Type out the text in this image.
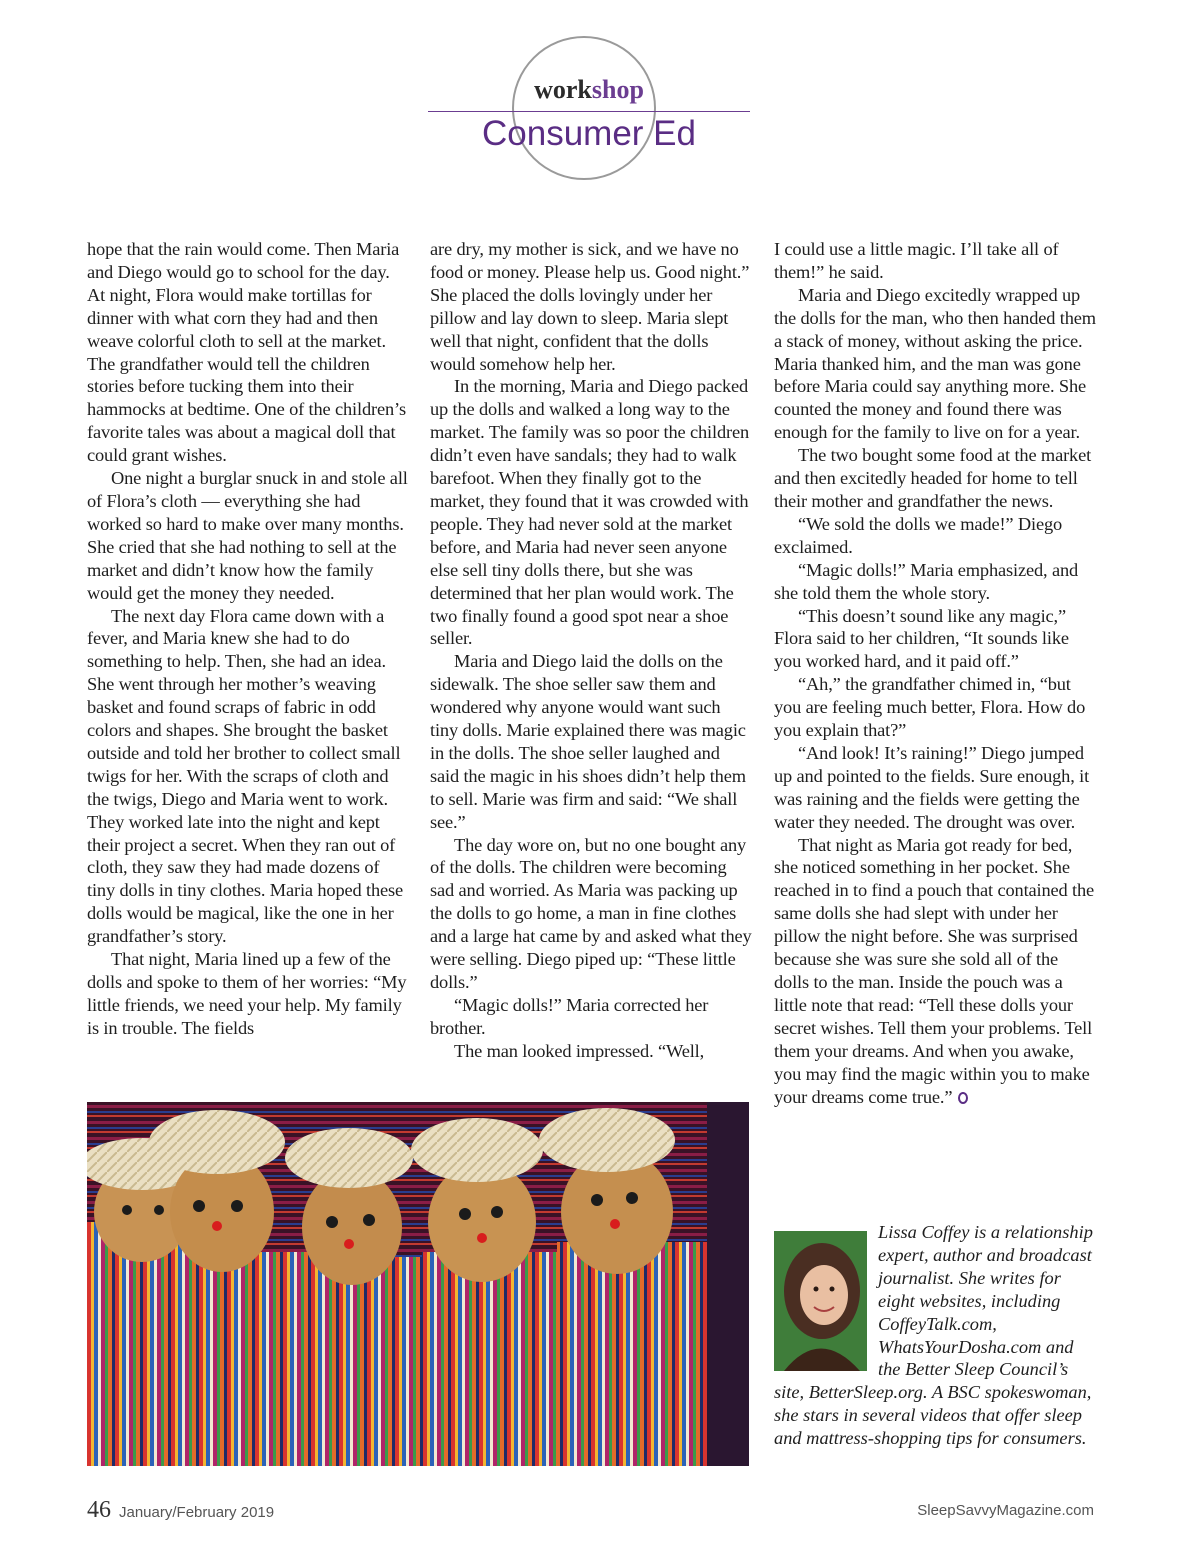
workshop
Consumer Ed

hope that the rain would come. Then Maria and Diego would go to school for the day. At night, Flora would make tortillas for dinner with what corn they had and then weave colorful cloth to sell at the market. The grandfather would tell the children stories before tucking them into their hammocks at bedtime. One of the children’s favorite tales was about a magical doll that could grant wishes.

One night a burglar snuck in and stole all of Flora’s cloth — everything she had worked so hard to make over many months. She cried that she had nothing to sell at the market and didn’t know how the family would get the money they needed.

The next day Flora came down with a fever, and Maria knew she had to do something to help. Then, she had an idea. She went through her mother’s weaving basket and found scraps of fabric in odd colors and shapes. She brought the basket outside and told her brother to collect small twigs for her. With the scraps of cloth and the twigs, Diego and Maria went to work. They worked late into the night and kept their project a secret. When they ran out of cloth, they saw they had made dozens of tiny dolls in tiny clothes. Maria hoped these dolls would be magical, like the one in her grandfather’s story.

That night, Maria lined up a few of the dolls and spoke to them of her worries: “My little friends, we need your help. My family is in trouble. The fields

are dry, my mother is sick, and we have no food or money. Please help us. Good night.” She placed the dolls lovingly under her pillow and lay down to sleep. Maria slept well that night, confident that the dolls would somehow help her.

In the morning, Maria and Diego packed up the dolls and walked a long way to the market. The family was so poor the children didn’t even have sandals; they had to walk barefoot. When they finally got to the market, they found that it was crowded with people. They had never sold at the market before, and Maria had never seen anyone else sell tiny dolls there, but she was determined that her plan would work. The two finally found a good spot near a shoe seller.

Maria and Diego laid the dolls on the sidewalk. The shoe seller saw them and wondered why anyone would want such tiny dolls. Marie explained there was magic in the dolls. The shoe seller laughed and said the magic in his shoes didn’t help them to sell. Marie was firm and said: “We shall see.”

The day wore on, but no one bought any of the dolls. The children were becoming sad and worried. As Maria was packing up the dolls to go home, a man in fine clothes and a large hat came by and asked what they were selling. Diego piped up: “These little dolls.”

“Magic dolls!” Maria corrected her brother.

The man looked impressed. “Well,

I could use a little magic. I’ll take all of them!” he said.

Maria and Diego excitedly wrapped up the dolls for the man, who then handed them a stack of money, without asking the price. Maria thanked him, and the man was gone before Maria could say anything more. She counted the money and found there was enough for the family to live on for a year.

The two bought some food at the market and then excitedly headed for home to tell their mother and grandfather the news.

“We sold the dolls we made!” Diego exclaimed.

“Magic dolls!” Maria emphasized, and she told them the whole story.

“This doesn’t sound like any magic,” Flora said to her children, “It sounds like you worked hard, and it paid off.”

“Ah,” the grandfather chimed in, “but you are feeling much better, Flora. How do you explain that?”

“And look! It’s raining!” Diego jumped up and pointed to the fields. Sure enough, it was raining and the fields were getting the water they needed. The drought was over.

That night as Maria got ready for bed, she noticed something in her pocket. She reached in to find a pouch that contained the same dolls she had slept with under her pillow the night before. She was surprised because she was sure she sold all of the dolls to the man. Inside the pouch was a little note that read: “Tell these dolls your secret wishes. Tell them your problems. Tell them your dreams. And when you awake, you may find the magic within you to make your dreams come true.”

Lissa Coffey is a relationship expert, author and broadcast journalist. She writes for eight websites, including CoffeyTalk.com, WhatsYourDosha.com and the Better Sleep Council’s site, BetterSleep.org. A BSC spokeswoman, she stars in several videos that offer sleep and mattress-shopping tips for consumers.

46 January/February 2019	SleepSavvyMagazine.com
